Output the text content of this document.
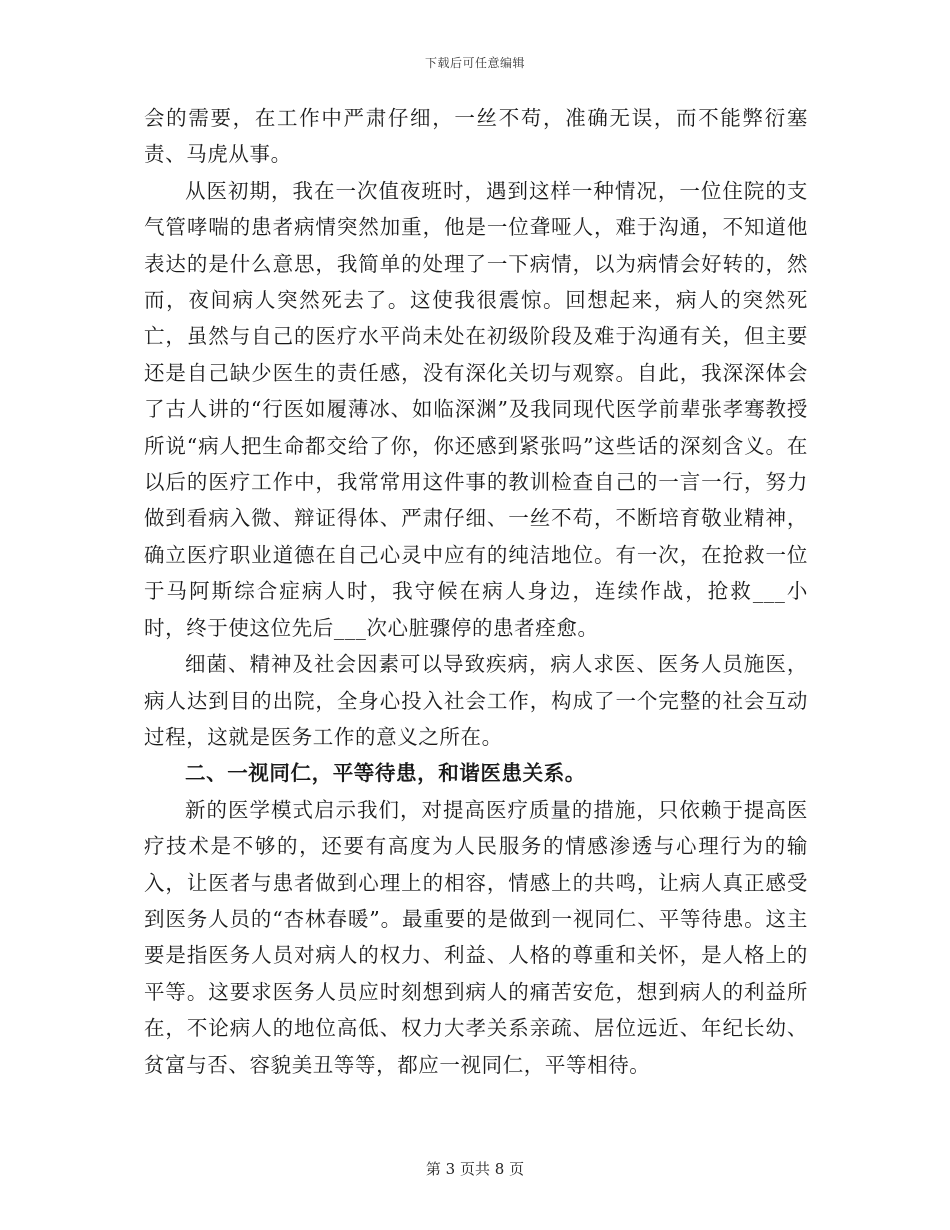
下载后可任意编辑

会的需要，在工作中严肃仔细，一丝不苟，准确无误，而不能弊衍塞责、马虎从事。

从医初期，我在一次值夜班时，遇到这样一种情况，一位住院的支气管哮喘的患者病情突然加重，他是一位聋哑人，难于沟通，不知道他表达的是什么意思，我简单的处理了一下病情，以为病情会好转的，然而，夜间病人突然死去了。这使我很震惊。回想起来，病人的突然死亡，虽然与自己的医疗水平尚未处在初级阶段及难于沟通有关，但主要还是自己缺少医生的责任感，没有深化关切与观察。自此，我深深体会了古人讲的“行医如履薄冰、如临深渊”及我同现代医学前辈张孝骞教授所说“病人把生命都交给了你，你还感到紧张吗”这些话的深刻含义。在以后的医疗工作中，我常常用这件事的教训检查自己的一言一行，努力做到看病入微、辩证得体、严肃仔细、一丝不苟，不断培育敬业精神，确立医疗职业道德在自己心灵中应有的纯洁地位。有一次，在抢救一位于马阿斯综合症病人时，我守候在病人身边，连续作战，抢救___小时，终于使这位先后___次心脏骤停的患者痊愈。

细菌、精神及社会因素可以导致疾病，病人求医、医务人员施医，病人达到目的出院，全身心投入社会工作，构成了一个完整的社会互动过程，这就是医务工作的意义之所在。

二、一视同仁，平等待患，和谐医患关系。

新的医学模式启示我们，对提高医疗质量的措施，只依赖于提高医疗技术是不够的，还要有高度为人民服务的情感渗透与心理行为的输入，让医者与患者做到心理上的相容，情感上的共鸣，让病人真正感受到医务人员的“杏林春暖”。最重要的是做到一视同仁、平等待患。这主要是指医务人员对病人的权力、利益、人格的尊重和关怀，是人格上的平等。这要求医务人员应时刻想到病人的痛苦安危，想到病人的利益所在，不论病人的地位高低、权力大孝关系亲疏、居位远近、年纪长幼、贫富与否、容貌美丑等等，都应一视同仁，平等相待。

第 3 页共 8 页
